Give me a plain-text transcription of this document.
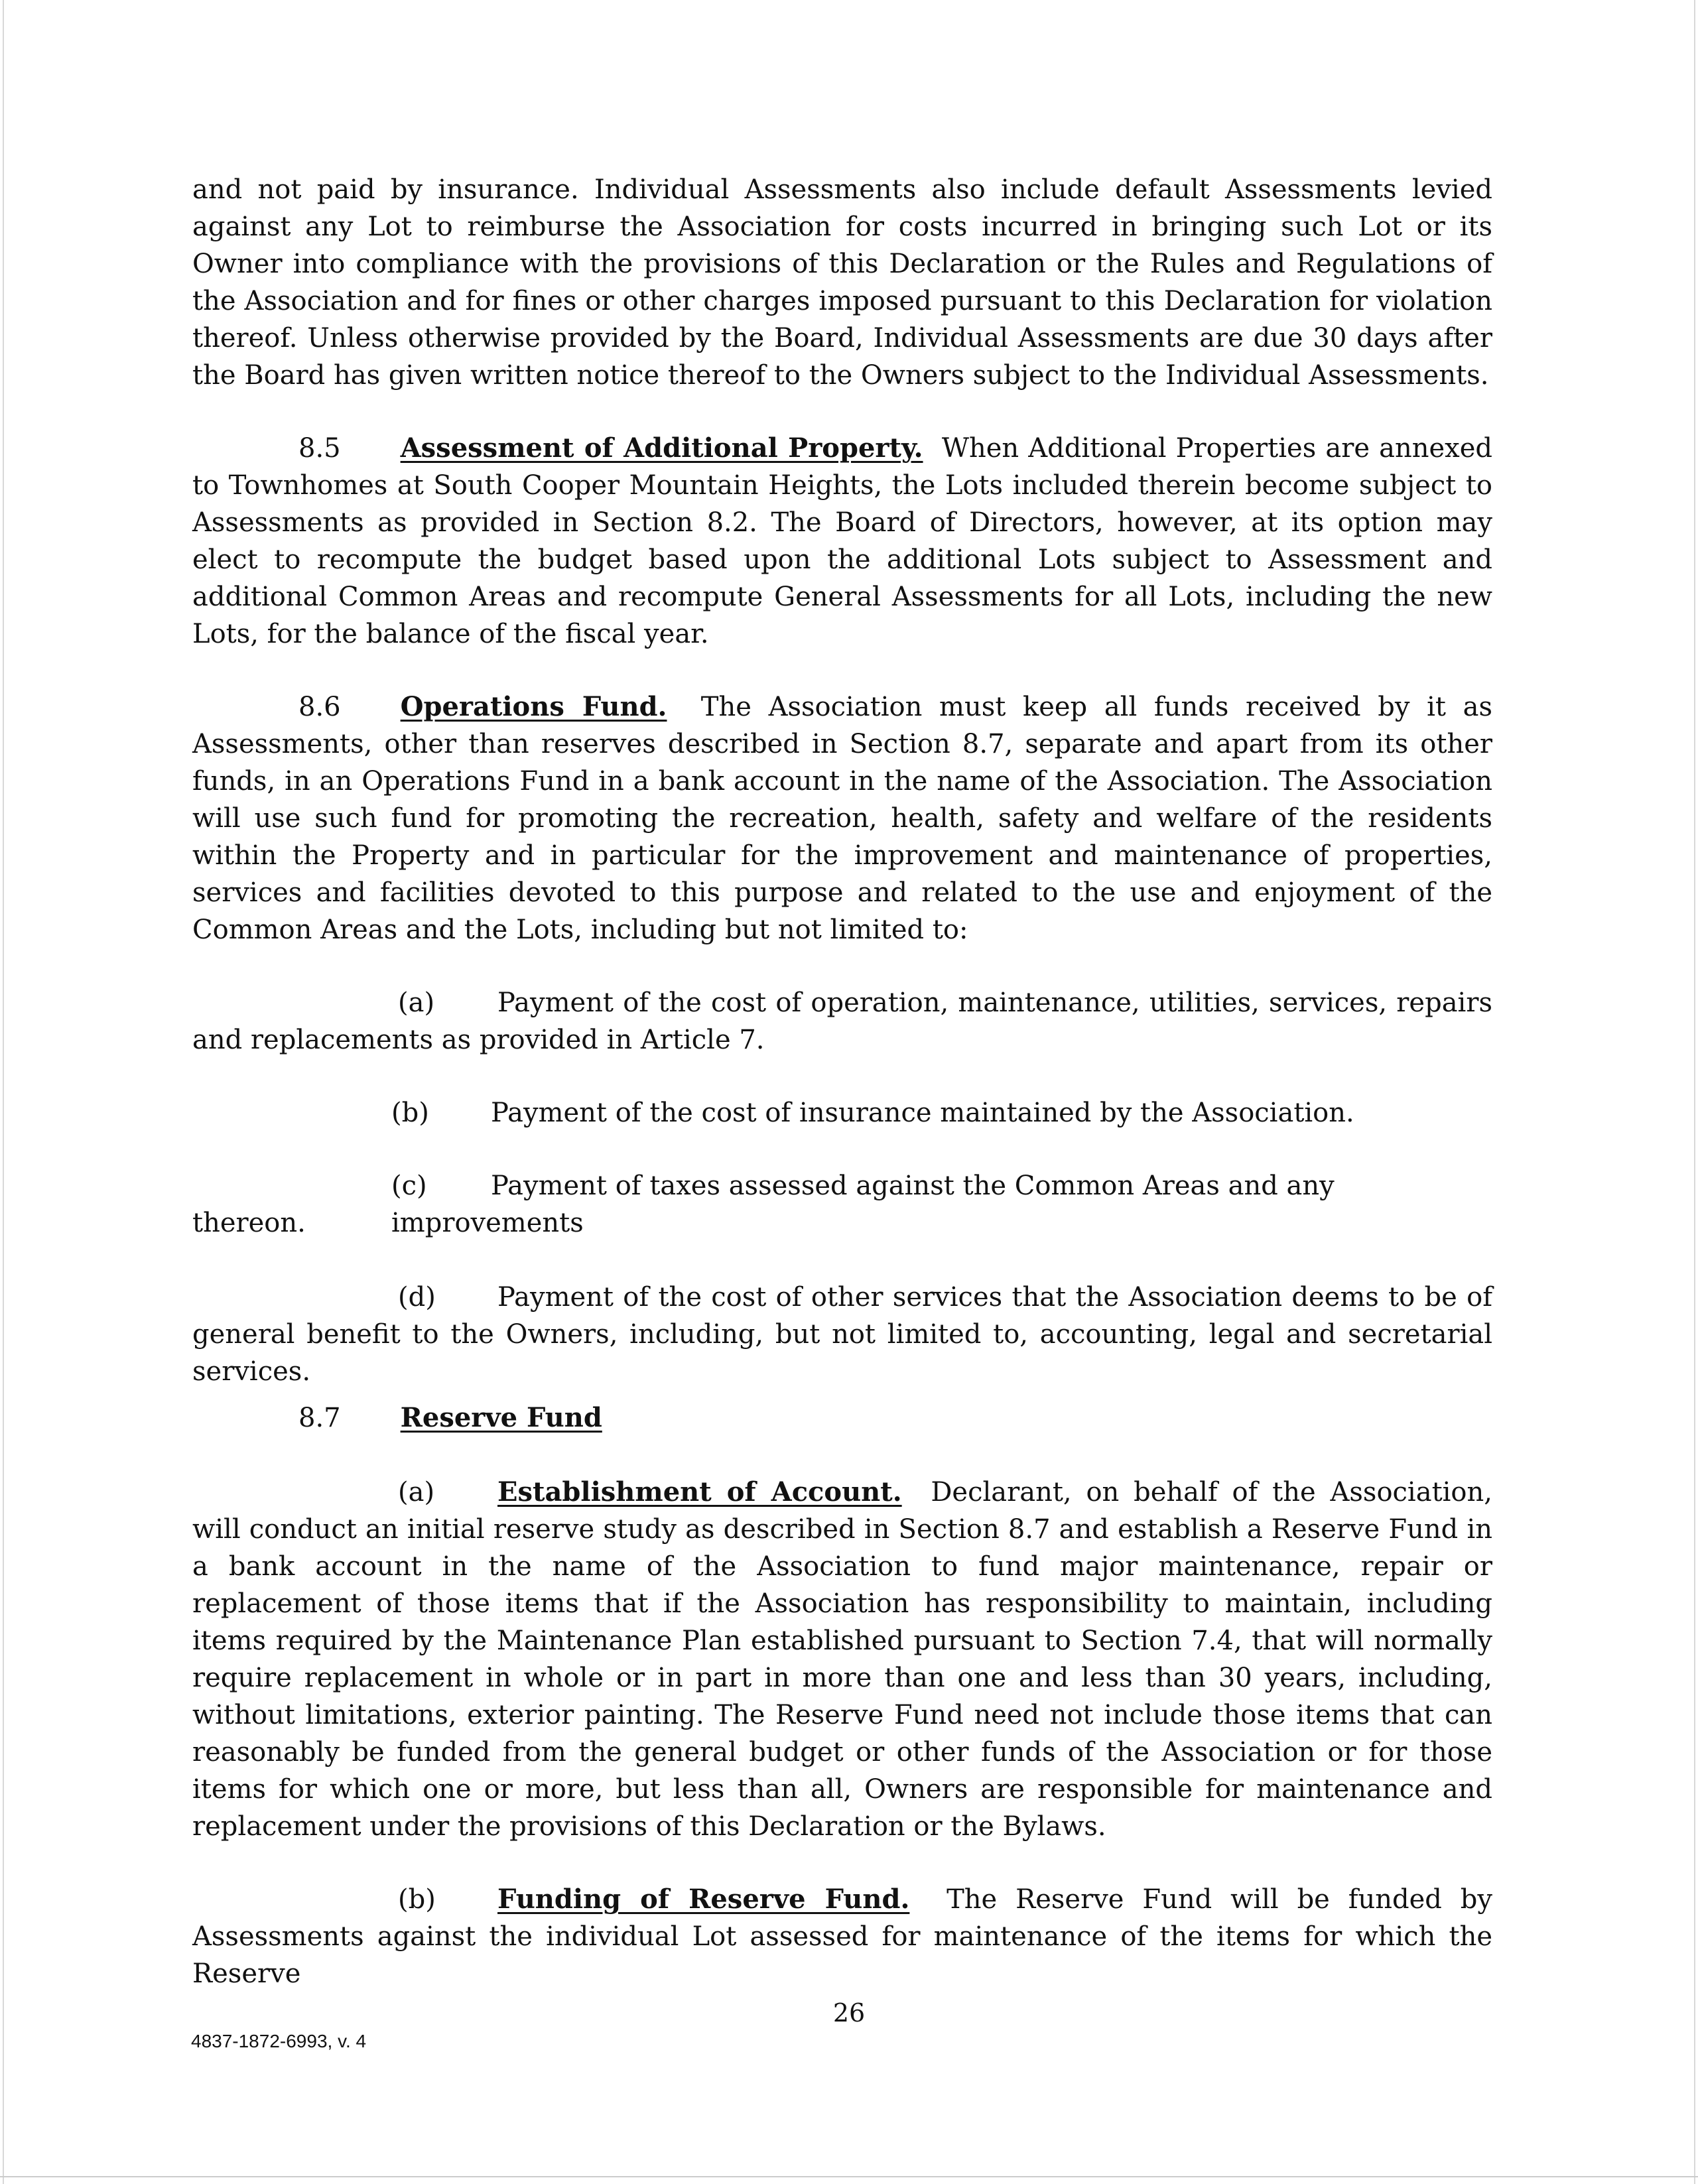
and not paid by insurance. Individual Assessments also include default Assessments levied against any Lot to reimburse the Association for costs incurred in bringing such Lot or its Owner into compliance with the provisions of this Declaration or the Rules and Regulations of the Association and for fines or other charges imposed pursuant to this Declaration for violation thereof. Unless otherwise provided by the Board, Individual Assessments are due 30 days after the Board has given written notice thereof to the Owners subject to the Individual Assessments.

8.5 Assessment of Additional Property. When Additional Properties are annexed to Townhomes at South Cooper Mountain Heights, the Lots included therein become subject to Assessments as provided in Section 8.2. The Board of Directors, however, at its option may elect to recompute the budget based upon the additional Lots subject to Assessment and additional Common Areas and recompute General Assessments for all Lots, including the new Lots, for the balance of the fiscal year.

8.6 Operations Fund. The Association must keep all funds received by it as Assessments, other than reserves described in Section 8.7, separate and apart from its other funds, in an Operations Fund in a bank account in the name of the Association. The Association will use such fund for promoting the recreation, health, safety and welfare of the residents within the Property and in particular for the improvement and maintenance of properties, services and facilities devoted to this purpose and related to the use and enjoyment of the Common Areas and the Lots, including but not limited to:

(a) Payment of the cost of operation, maintenance, utilities, services, repairs and replacements as provided in Article 7.

(b) Payment of the cost of insurance maintained by the Association.
(c) Payment of taxes assessed against the Common Areas and any improvements
thereon.

(d) Payment of the cost of other services that the Association deems to be of general benefit to the Owners, including, but not limited to, accounting, legal and secretarial services.

8.7 Reserve Fund

(a) Establishment of Account. Declarant, on behalf of the Association, will conduct an initial reserve study as described in Section 8.7 and establish a Reserve Fund in a bank account in the name of the Association to fund major maintenance, repair or replacement of those items that if the Association has responsibility to maintain, including items required by the Maintenance Plan established pursuant to Section 7.4, that will normally require replacement in whole or in part in more than one and less than 30 years, including, without limitations, exterior painting. The Reserve Fund need not include those items that can reasonably be funded from the general budget or other funds of the Association or for those items for which one or more, but less than all, Owners are responsible for maintenance and replacement under the provisions of this Declaration or the Bylaws.

(b) Funding of Reserve Fund. The Reserve Fund will be funded by Assessments against the individual Lot assessed for maintenance of the items for which the Reserve

26
4837-1872-6993, v. 4
